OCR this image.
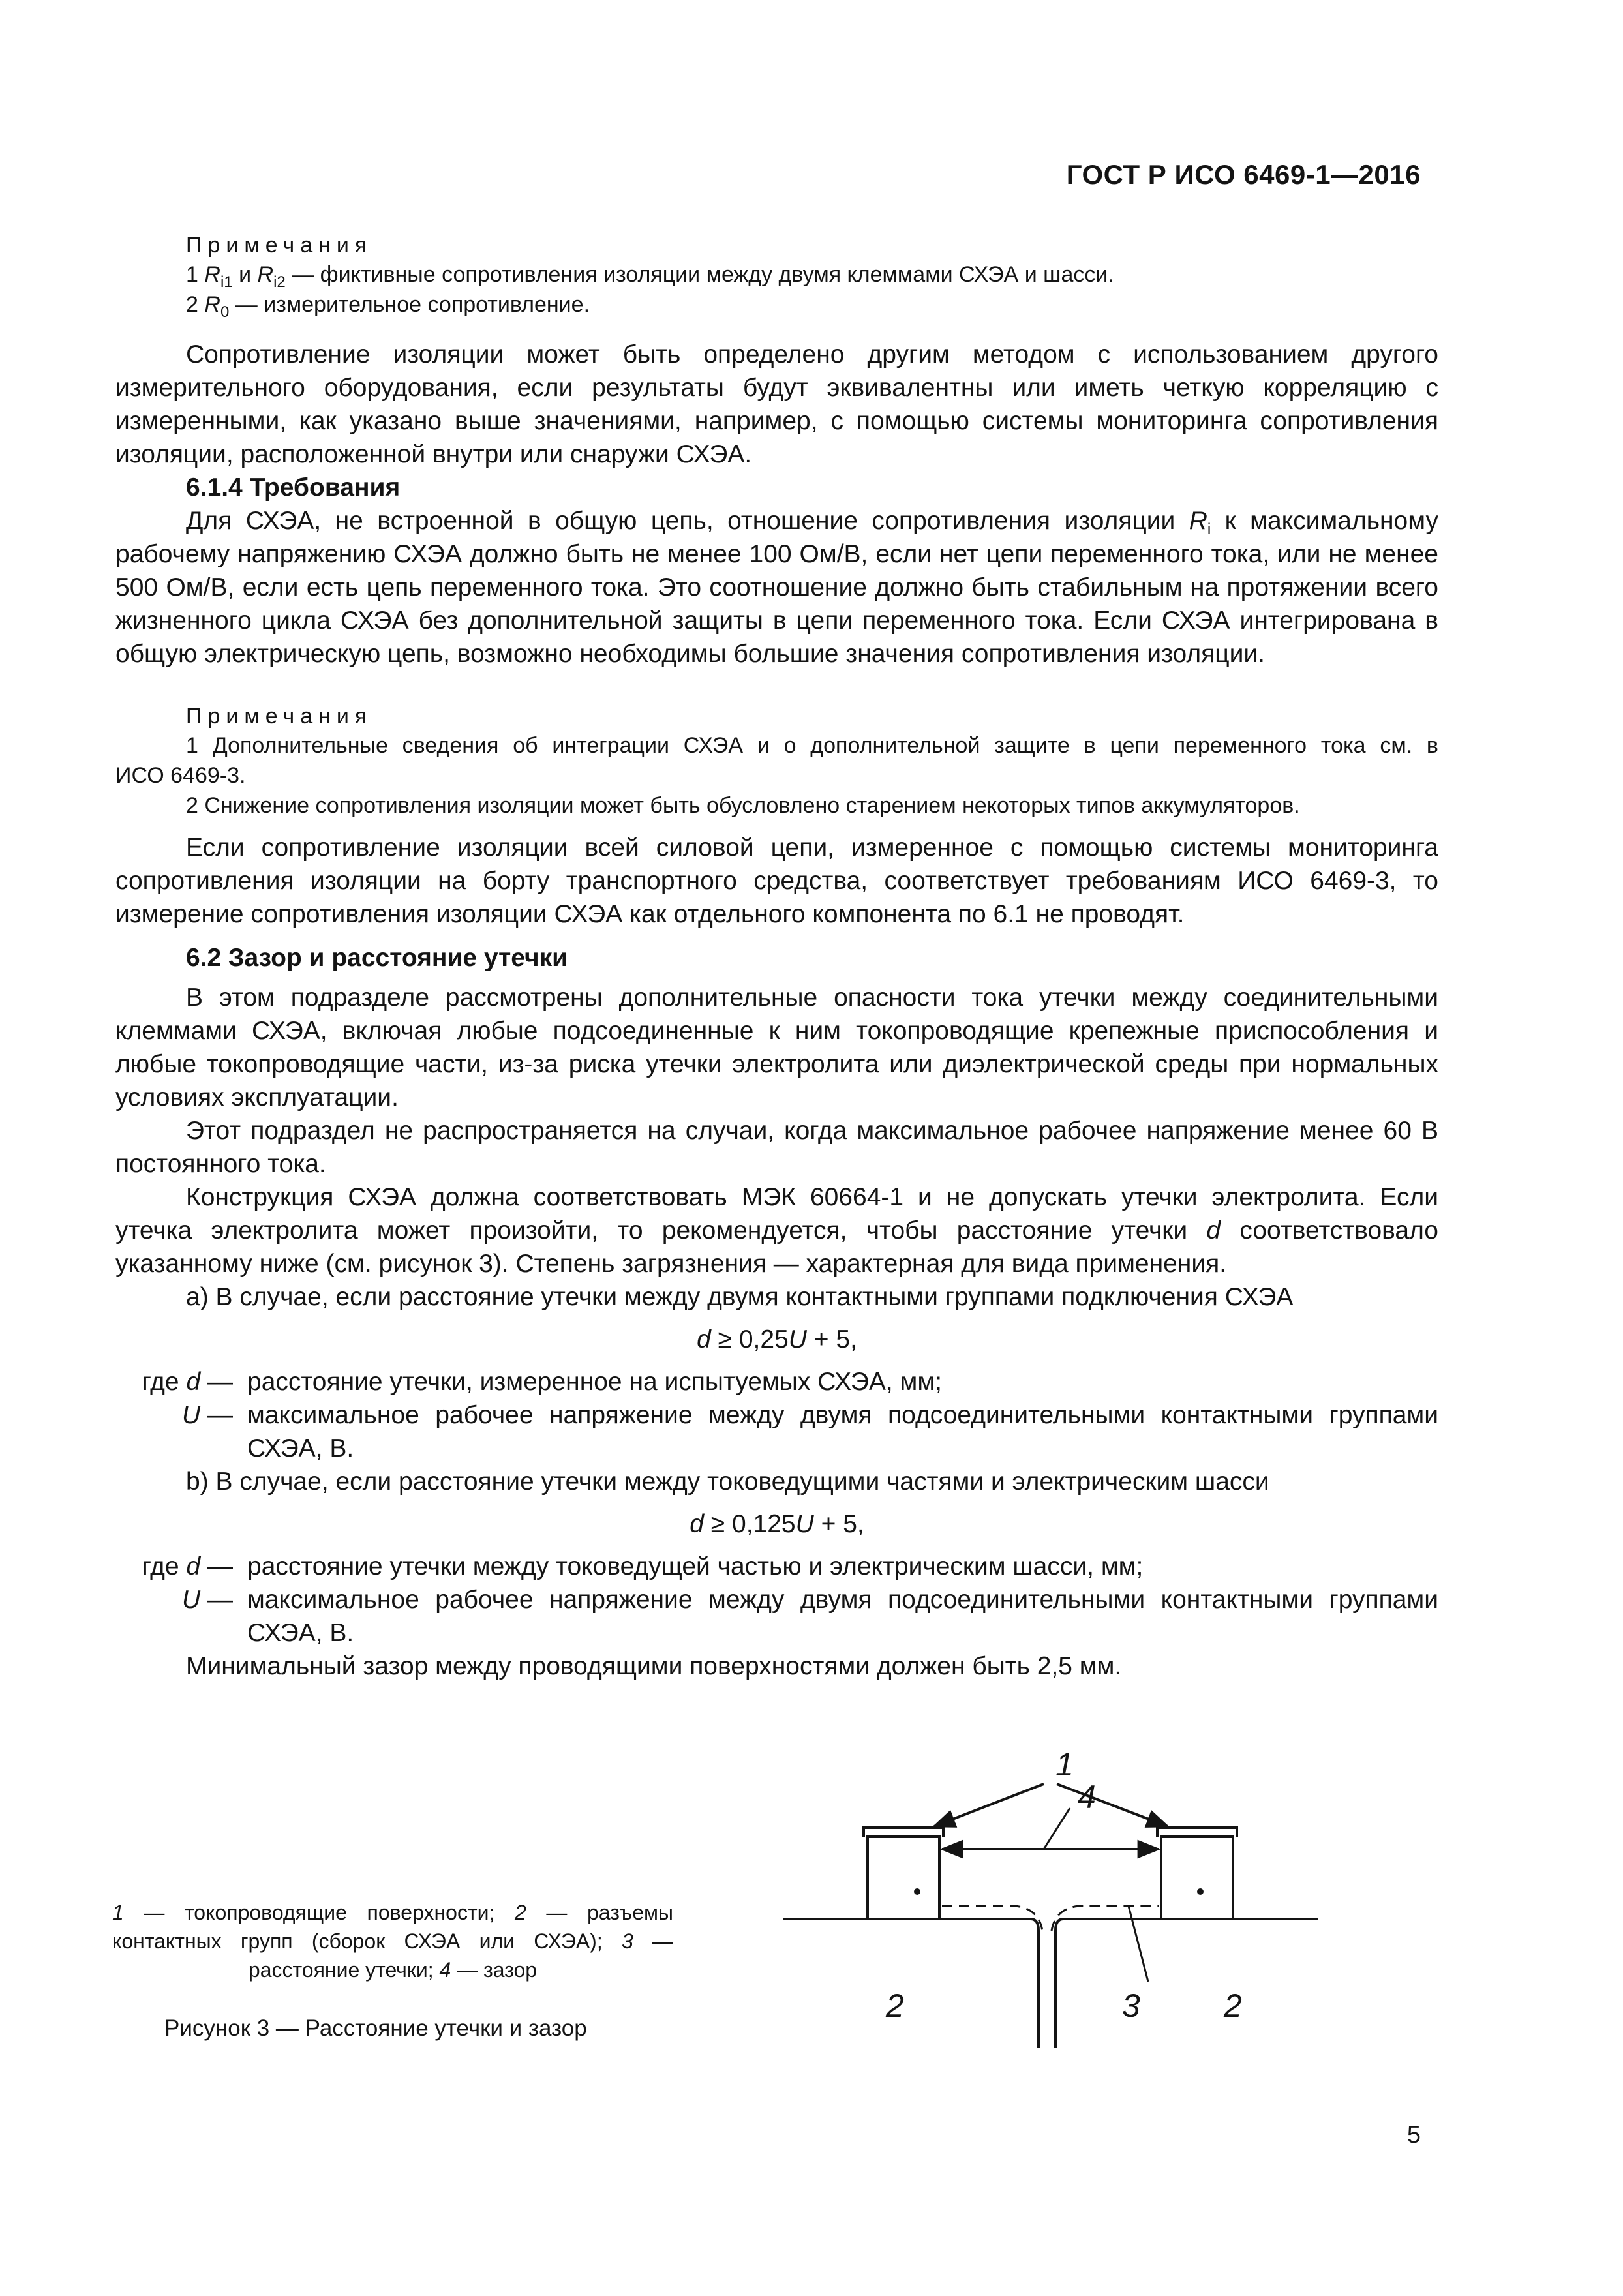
ГОСТ Р ИСО 6469-1—2016
Примечания
1 $R_{i1}$ и $R_{i2}$ — фиктивные сопротивления изоляции между двумя клеммами СХЭА и шасси.
2 $R_0$ — измерительное сопротивление.

Сопротивление изоляции может быть определено другим методом с использованием другого измерительного оборудования, если результаты будут эквивалентны или иметь четкую корреляцию с измеренными, как указано выше значениями, например, с помощью системы мониторинга сопротивления изоляции, расположенной внутри или снаружи СХЭА.

6.1.4 Требования

Для СХЭА, не встроенной в общую цепь, отношение сопротивления изоляции $R_i$ к максимальному рабочему напряжению СХЭА должно быть не менее 100 Ом/В, если нет цепи переменного тока, или не менее 500 Ом/В, если есть цепь переменного тока. Это соотношение должно быть стабильным на протяжении всего жизненного цикла СХЭА без дополнительной защиты в цепи переменного тока. Если СХЭА интегрирована в общую электрическую цепь, возможно необходимы большие значения сопротивления изоляции.

Примечания
1 Дополнительные сведения об интеграции СХЭА и о дополнительной защите в цепи переменного тока см. в
ИСО 6469-3.
2 Снижение сопротивления изоляции может быть обусловлено старением некоторых типов аккумуляторов.

Если сопротивление изоляции всей силовой цепи, измеренное с помощью системы мониторинга сопротивления изоляции на борту транспортного средства, соответствует требованиям ИСО 6469-3, то измерение сопротивления изоляции СХЭА как отдельного компонента по 6.1 не проводят.

6.2 Зазор и расстояние утечки

В этом подразделе рассмотрены дополнительные опасности тока утечки между соединительными клеммами СХЭА, включая любые подсоединенные к ним токопроводящие крепежные приспособления и любые токопроводящие части, из-за риска утечки электролита или диэлектрической среды при нормальных условиях эксплуатации.

Этот подраздел не распространяется на случаи, когда максимальное рабочее напряжение менее 60 В постоянного тока.

Конструкция СХЭА должна соответствовать МЭК 60664-1 и не допускать утечки электролита. Если утечка электролита может произойти, то рекомендуется, чтобы расстояние утечки d соответствовало указанному ниже (см. рисунок 3). Степень загрязнения — характерная для вида применения.

a) В случае, если расстояние утечки между двумя контактными группами подключения СХЭА
d ≥ 0,25U + 5,
где d — расстояние утечки, измеренное на испытуемых СХЭА, мм;
U — максимальное рабочее напряжение между двумя подсоединительными контактными группами СХЭА, В.
b) В случае, если расстояние утечки между токоведущими частями и электрическим шасси
d ≥ 0,125U + 5,
где d — расстояние утечки между токоведущей частью и электрическим шасси, мм;
U — максимальное рабочее напряжение между двумя подсоединительными контактными группами СХЭА, В.

Минимальный зазор между проводящими поверхностями должен быть 2,5 мм.

1 — токопроводящие поверхности; 2 — разъемы контактных групп (сборок СХЭА или СХЭА); 3 — расстояние утечки; 4 — зазор
Рисунок 3 — Расстояние утечки и зазор
1
4
2	3	2
5
